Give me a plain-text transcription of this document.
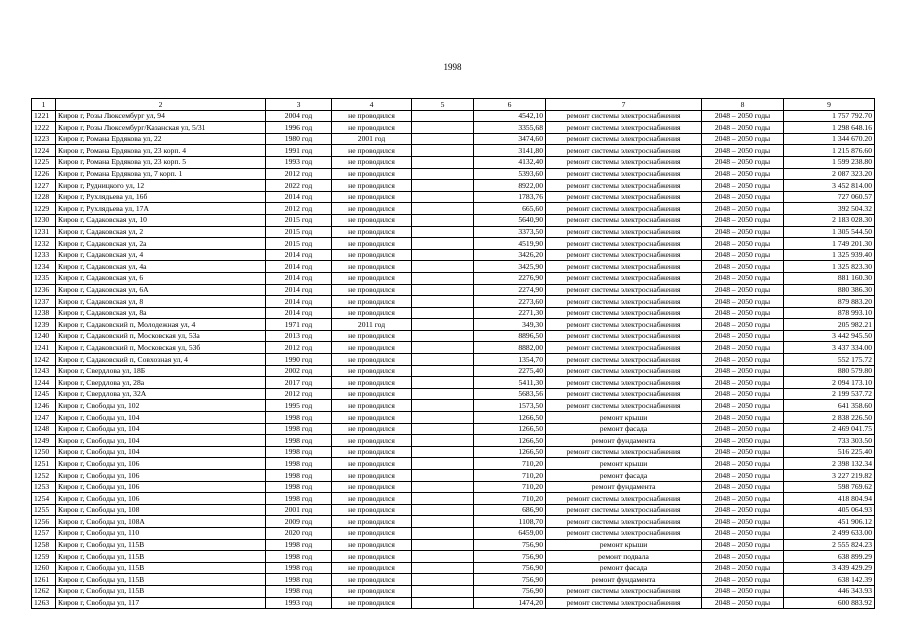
1998
1	2	3	4	5	6	7	8	9
1221	Киров г, Розы Люксембург ул, 94	2004 год	не проводился		4542,10	ремонт системы электроснабжения	2048 – 2050 годы	1 757 792.70
1222	Киров г, Розы Люксембург/Казанская ул, 5/31	1996 год	не проводился		3355,68	ремонт системы электроснабжения	2048 – 2050 годы	1 298 648.16
1223	Киров г, Романа Ердякова ул, 22	1980 год	2001 год		3474,60	ремонт системы электроснабжения	2048 – 2050 годы	1 344 670.20
1224	Киров г, Романа Ердякова ул, 23 корп. 4	1991 год	не проводился		3141,80	ремонт системы электроснабжения	2048 – 2050 годы	1 215 876.60
1225	Киров г, Романа Ердякова ул, 23 корп. 5	1993 год	не проводился		4132,40	ремонт системы электроснабжения	2048 – 2050 годы	1 599 238.80
1226	Киров г, Романа Ердякова ул, 7 корп. 1	2012 год	не проводился		5393,60	ремонт системы электроснабжения	2048 – 2050 годы	2 087 323.20
1227	Киров г, Рудницкого ул, 12	2022 год	не проводился		8922,00	ремонт системы электроснабжения	2048 – 2050 годы	3 452 814.00
1228	Киров г, Рухлядьева ул, 16б	2014 год	не проводился		1783,76	ремонт системы электроснабжения	2048 – 2050 годы	727 060.57
1229	Киров г, Рухлядьева ул, 17А	2012 год	не проводился		665,60	ремонт системы электроснабжения	2048 – 2050 годы	392 504.32
1230	Киров г, Садаковская ул, 10	2015 год	не проводился		5640,90	ремонт системы электроснабжения	2048 – 2050 годы	2 183 028.30
1231	Киров г, Садаковская ул, 2	2015 год	не проводился		3373,50	ремонт системы электроснабжения	2048 – 2050 годы	1 305 544.50
1232	Киров г, Садаковская ул, 2а	2015 год	не проводился		4519,90	ремонт системы электроснабжения	2048 – 2050 годы	1 749 201.30
1233	Киров г, Садаковская ул, 4	2014 год	не проводился		3426,20	ремонт системы электроснабжения	2048 – 2050 годы	1 325 939.40
1234	Киров г, Садаковская ул, 4а	2014 год	не проводился		3425,90	ремонт системы электроснабжения	2048 – 2050 годы	1 325 823.30
1235	Киров г, Садаковская ул, 6	2014 год	не проводился		2276,90	ремонт системы электроснабжения	2048 – 2050 годы	881 160.30
1236	Киров г, Садаковская ул, 6А	2014 год	не проводился		2274,90	ремонт системы электроснабжения	2048 – 2050 годы	880 386.30
1237	Киров г, Садаковская ул, 8	2014 год	не проводился		2273,60	ремонт системы электроснабжения	2048 – 2050 годы	879 883.20
1238	Киров г, Садаковская ул, 8а	2014 год	не проводился		2271,30	ремонт системы электроснабжения	2048 – 2050 годы	878 993.10
1239	Киров г, Садаковский п, Молодежная ул, 4	1971 год	2011 год		349,30	ремонт системы электроснабжения	2048 – 2050 годы	205 982.21
1240	Киров г, Садаковский п, Московская ул, 53а	2013 год	не проводился		8896,50	ремонт системы электроснабжения	2048 – 2050 годы	3 442 945.50
1241	Киров г, Садаковский п, Московская ул, 53б	2012 год	не проводился		8882,00	ремонт системы электроснабжения	2048 – 2050 годы	3 437 334.00
1242	Киров г, Садаковский п, Совхозная ул, 4	1990 год	не проводился		1354,70	ремонт системы электроснабжения	2048 – 2050 годы	552 175.72
1243	Киров г, Свердлова ул, 18Б	2002 год	не проводился		2275,40	ремонт системы электроснабжения	2048 – 2050 годы	880 579.80
1244	Киров г, Свердлова ул, 28а	2017 год	не проводился		5411,30	ремонт системы электроснабжения	2048 – 2050 годы	2 094 173.10
1245	Киров г, Свердлова ул, 32А	2012 год	не проводился		5683,56	ремонт системы электроснабжения	2048 – 2050 годы	2 199 537.72
1246	Киров г, Свободы ул, 102	1995 год	не проводился		1573,50	ремонт системы электроснабжения	2048 – 2050 годы	641 358.60
1247	Киров г, Свободы ул, 104	1998 год	не проводился		1266,50	ремонт крыши	2048 – 2050 годы	2 838 226.50
1248	Киров г, Свободы ул, 104	1998 год	не проводился		1266,50	ремонт фасада	2048 – 2050 годы	2 469 041.75
1249	Киров г, Свободы ул, 104	1998 год	не проводился		1266,50	ремонт фундамента	2048 – 2050 годы	733 303.50
1250	Киров г, Свободы ул, 104	1998 год	не проводился		1266,50	ремонт системы электроснабжения	2048 – 2050 годы	516 225.40
1251	Киров г, Свободы ул, 106	1998 год	не проводился		710,20	ремонт крыши	2048 – 2050 годы	2 398 132.34
1252	Киров г, Свободы ул, 106	1998 год	не проводился		710,20	ремонт фасада	2048 – 2050 годы	3 227 219.82
1253	Киров г, Свободы ул, 106	1998 год	не проводился		710,20	ремонт фундамента	2048 – 2050 годы	598 769.62
1254	Киров г, Свободы ул, 106	1998 год	не проводился		710,20	ремонт системы электроснабжения	2048 – 2050 годы	418 804.94
1255	Киров г, Свободы ул, 108	2001 год	не проводился		686,90	ремонт системы электроснабжения	2048 – 2050 годы	405 064.93
1256	Киров г, Свободы ул, 108А	2009 год	не проводился		1108,70	ремонт системы электроснабжения	2048 – 2050 годы	451 906.12
1257	Киров г, Свободы ул, 110	2020 год	не проводился		6459,00	ремонт системы электроснабжения	2048 – 2050 годы	2 499 633.00
1258	Киров г, Свободы ул, 115В	1998 год	не проводился		756,90	ремонт крыши	2048 – 2050 годы	2 555 824.23
1259	Киров г, Свободы ул, 115В	1998 год	не проводился		756,90	ремонт подвала	2048 – 2050 годы	638 899.29
1260	Киров г, Свободы ул, 115В	1998 год	не проводился		756,90	ремонт фасада	2048 – 2050 годы	3 439 429.29
1261	Киров г, Свободы ул, 115В	1998 год	не проводился		756,90	ремонт фундамента	2048 – 2050 годы	638 142.39
1262	Киров г, Свободы ул, 115В	1998 год	не проводился		756,90	ремонт системы электроснабжения	2048 – 2050 годы	446 343.93
1263	Киров г, Свободы ул, 117	1993 год	не проводился		1474,20	ремонт системы электроснабжения	2048 – 2050 годы	600 883.92
